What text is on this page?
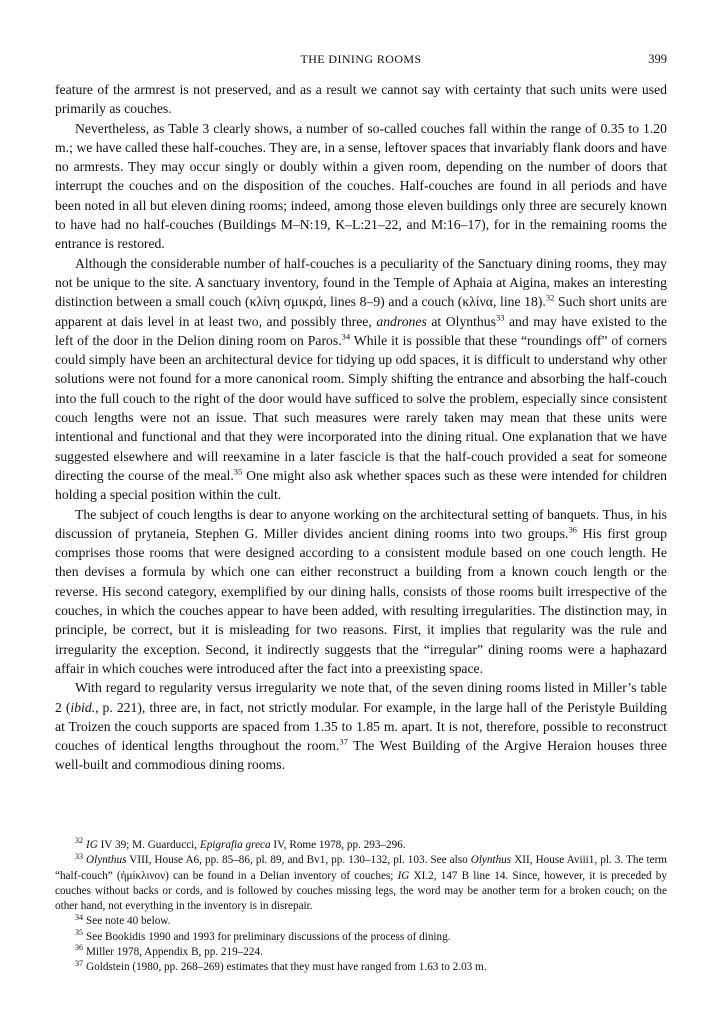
THE DINING ROOMS	399

feature of the armrest is not preserved, and as a result we cannot say with certainty that such units were used primarily as couches.

Nevertheless, as Table 3 clearly shows, a number of so-called couches fall within the range of 0.35 to 1.20 m.; we have called these half-couches. They are, in a sense, leftover spaces that invariably flank doors and have no armrests. They may occur singly or doubly within a given room, depending on the number of doors that interrupt the couches and on the disposition of the couches. Half-couches are found in all periods and have been noted in all but eleven dining rooms; indeed, among those eleven buildings only three are securely known to have had no half-couches (Buildings M–N:19, K–L:21–22, and M:16–17), for in the remaining rooms the entrance is restored.

Although the considerable number of half-couches is a peculiarity of the Sanctuary dining rooms, they may not be unique to the site. A sanctuary inventory, found in the Temple of Aphaia at Aigina, makes an interesting distinction between a small couch (κλίνη σμικρά, lines 8–9) and a couch (κλίνα, line 18).$^{32}$ Such short units are apparent at dais level in at least two, and possibly three, andrones at Olynthus$^{33}$ and may have existed to the left of the door in the Delion dining room on Paros.$^{34}$ While it is possible that these “roundings off” of corners could simply have been an architectural device for tidying up odd spaces, it is difficult to understand why other solutions were not found for a more canonical room. Simply shifting the entrance and absorbing the half-couch into the full couch to the right of the door would have sufficed to solve the problem, especially since consistent couch lengths were not an issue. That such measures were rarely taken may mean that these units were intentional and functional and that they were incorporated into the dining ritual. One explanation that we have suggested elsewhere and will reexamine in a later fascicle is that the half-couch provided a seat for someone directing the course of the meal.$^{35}$ One might also ask whether spaces such as these were intended for children holding a special position within the cult.

The subject of couch lengths is dear to anyone working on the architectural setting of banquets. Thus, in his discussion of prytaneia, Stephen G. Miller divides ancient dining rooms into two groups.$^{36}$ His first group comprises those rooms that were designed according to a consistent module based on one couch length. He then devises a formula by which one can either reconstruct a building from a known couch length or the reverse. His second category, exemplified by our dining halls, consists of those rooms built irrespective of the couches, in which the couches appear to have been added, with resulting irregularities. The distinction may, in principle, be correct, but it is misleading for two reasons. First, it implies that regularity was the rule and irregularity the exception. Second, it indirectly suggests that the “irregular” dining rooms were a haphazard affair in which couches were introduced after the fact into a preexisting space.

With regard to regularity versus irregularity we note that, of the seven dining rooms listed in Miller’s table 2 (ibid., p. 221), three are, in fact, not strictly modular. For example, in the large hall of the Peristyle Building at Troizen the couch supports are spaced from 1.35 to 1.85 m. apart. It is not, therefore, possible to reconstruct couches of identical lengths throughout the room.$^{37}$ The West Building of the Argive Heraion houses three well-built and commodious dining rooms.

$^{32}$ IG IV 39; M. Guarducci, Epigrafia greca IV, Rome 1978, pp. 293–296.

$^{33}$ Olynthus VIII, House A6, pp. 85–86, pl. 89, and Bv1, pp. 130–132, pl. 103. See also Olynthus XII, House Aviii1, pl. 3. The term “half-couch” (ἡμίκλινον) can be found in a Delian inventory of couches; IG XI.2, 147 B line 14. Since, however, it is preceded by couches without backs or cords, and is followed by couches missing legs, the word may be another term for a broken couch; on the other hand, not everything in the inventory is in disrepair.

$^{34}$ See note 40 below.

$^{35}$ See Bookidis 1990 and 1993 for preliminary discussions of the process of dining.

$^{36}$ Miller 1978, Appendix B, pp. 219–224.

$^{37}$ Goldstein (1980, pp. 268–269) estimates that they must have ranged from 1.63 to 2.03 m.
